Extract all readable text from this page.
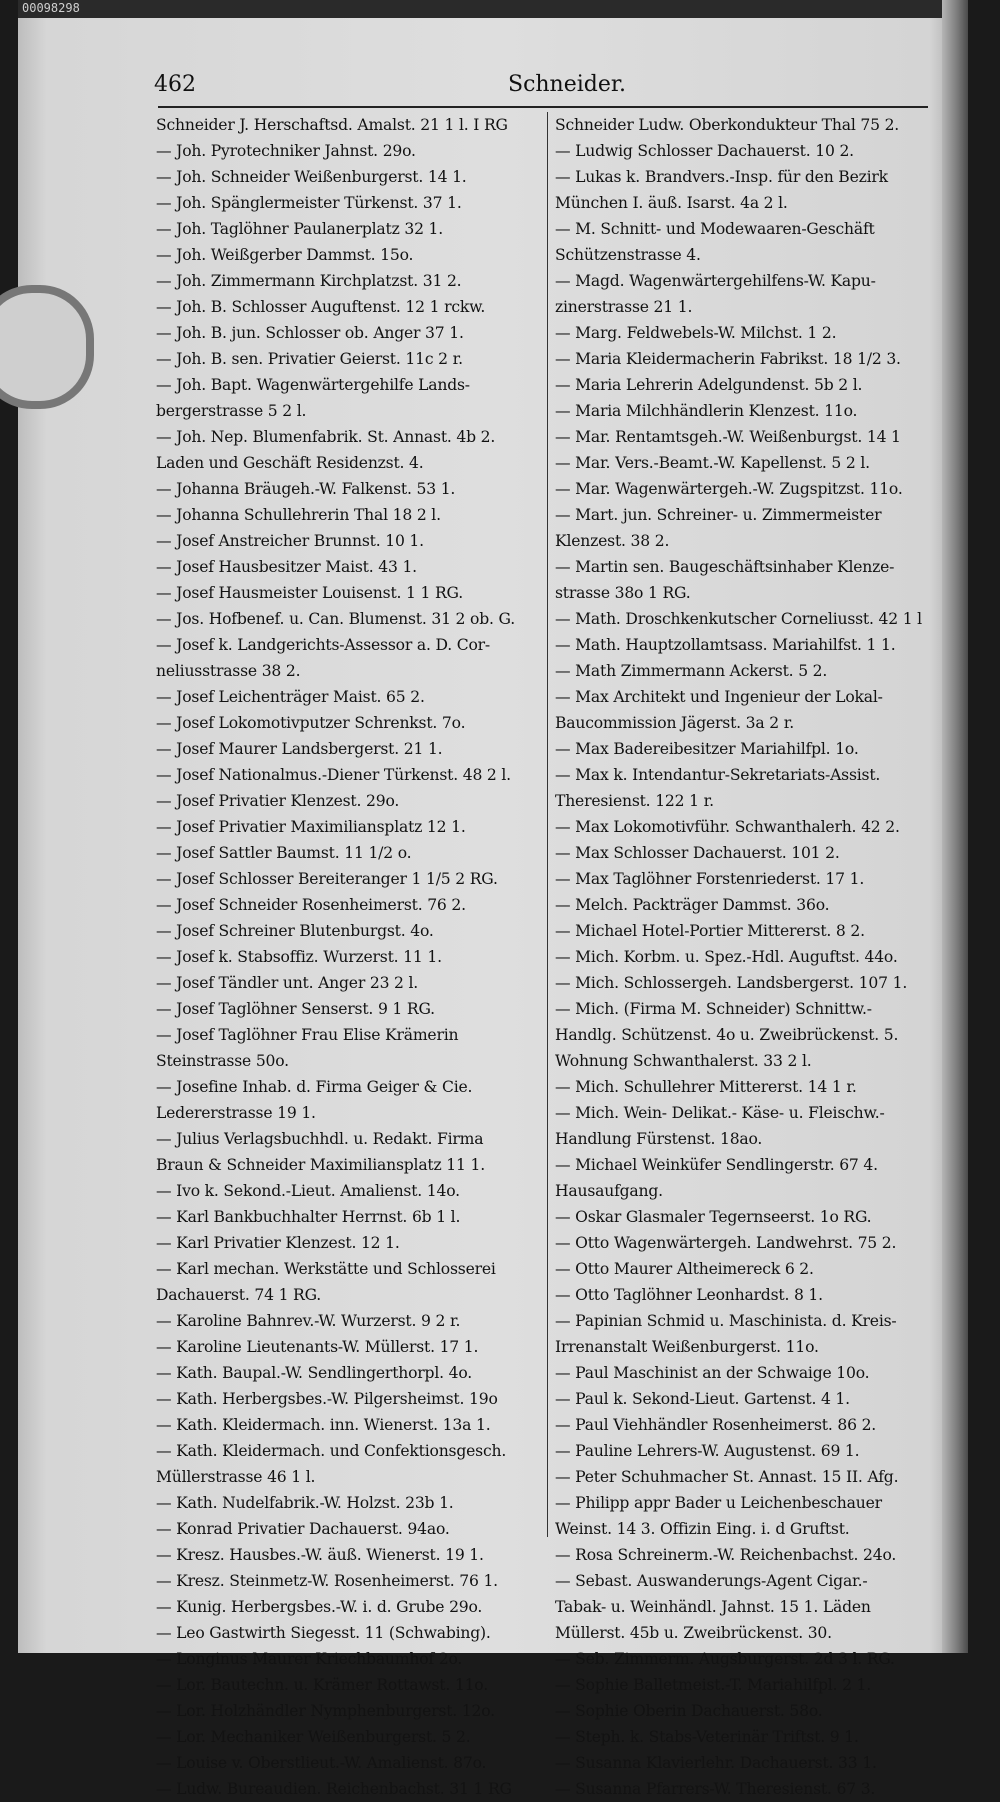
00098298
462	Schneider.
Schneider J. Herschaftsd. Amalst. 21 1 l. I RG
— Joh. Pyrotechniker Jahnst. 29o.
— Joh. Schneider Weißenburgerst. 14 1.
— Joh. Spänglermeister Türkenst. 37 1.
— Joh. Taglöhner Paulanerplatz 32 1.
— Joh. Weißgerber Dammst. 15o.
— Joh. Zimmermann Kirchplatzst. 31 2.
— Joh. B. Schlosser Auguftenst. 12 1 rckw.
— Joh. B. jun. Schlosser ob. Anger 37 1.
— Joh. B. sen. Privatier Geierst. 11c 2 r.
— Joh. Bapt. Wagenwärtergehilfe Lands-
bergerstrasse 5 2 l.
— Joh. Nep. Blumenfabrik. St. Annast. 4b 2.
Laden und Geschäft Residenzst. 4.
— Johanna Bräugeh.-W. Falkenst. 53 1.
— Johanna Schullehrerin Thal 18 2 l.
— Josef Anstreicher Brunnst. 10 1.
— Josef Hausbesitzer Maist. 43 1.
— Josef Hausmeister Louisenst. 1 1 RG.
— Jos. Hofbenef. u. Can. Blumenst. 31 2 ob. G.
— Josef k. Landgerichts-Assessor a. D. Cor-
neliusstrasse 38 2.
— Josef Leichenträger Maist. 65 2.
— Josef Lokomotivputzer Schrenkst. 7o.
— Josef Maurer Landsbergerst. 21 1.
— Josef Nationalmus.-Diener Türkenst. 48 2 l.
— Josef Privatier Klenzest. 29o.
— Josef Privatier Maximiliansplatz 12 1.
— Josef Sattler Baumst. 11 1/2 o.
— Josef Schlosser Bereiteranger 1 1/5 2 RG.
— Josef Schneider Rosenheimerst. 76 2.
— Josef Schreiner Blutenburgst. 4o.
— Josef k. Stabsoffiz. Wurzerst. 11 1.
— Josef Tändler unt. Anger 23 2 l.
— Josef Taglöhner Senserst. 9 1 RG.
— Josef Taglöhner Frau Elise Krämerin
Steinstrasse 50o.
— Josefine Inhab. d. Firma Geiger & Cie.
Ledererstrasse 19 1.
— Julius Verlagsbuchhdl. u. Redakt. Firma
Braun & Schneider Maximiliansplatz 11 1.
— Ivo k. Sekond.-Lieut. Amalienst. 14o.
— Karl Bankbuchhalter Herrnst. 6b 1 l.
— Karl Privatier Klenzest. 12 1.
— Karl mechan. Werkstätte und Schlosserei
Dachauerst. 74 1 RG.
— Karoline Bahnrev.-W. Wurzerst. 9 2 r.
— Karoline Lieutenants-W. Müllerst. 17 1.
— Kath. Baupal.-W. Sendlingerthorpl. 4o.
— Kath. Herbergsbes.-W. Pilgersheimst. 19o
— Kath. Kleidermach. inn. Wienerst. 13a 1.
— Kath. Kleidermach. und Confektionsgesch.
Müllerstrasse 46 1 l.
— Kath. Nudelfabrik.-W. Holzst. 23b 1.
— Konrad Privatier Dachauerst. 94ao.
— Kresz. Hausbes.-W. äuß. Wienerst. 19 1.
— Kresz. Steinmetz-W. Rosenheimerst. 76 1.
— Kunig. Herbergsbes.-W. i. d. Grube 29o.
— Leo Gastwirth Siegesst. 11 (Schwabing).
— Longinus Maurer Kriechbaumhof 2o.
— Lor. Bautechn. u. Krämer Rottawst. 11o.
— Lor. Holzhändler Nymphenburgerst. 12o.
— Lor. Mechaniker Weißenburgerst. 5 2.
— Louise v. Oberstlieut.-W. Amalienst. 87o.
— Ludw. Bureaudien. Reichenbachst. 31 1 RG
Schneider Ludw. Oberkondukteur Thal 75 2.
— Ludwig Schlosser Dachauerst. 10 2.
— Lukas k. Brandvers.-Insp. für den Bezirk
München I. äuß. Isarst. 4a 2 l.
— M. Schnitt- und Modewaaren-Geschäft
Schützenstrasse 4.
— Magd. Wagenwärtergehilfens-W. Kapu-
zinerstrasse 21 1.
— Marg. Feldwebels-W. Milchst. 1 2.
— Maria Kleidermacherin Fabrikst. 18 1/2 3.
— Maria Lehrerin Adelgundenst. 5b 2 l.
— Maria Milchhändlerin Klenzest. 11o.
— Mar. Rentamtsgeh.-W. Weißenburgst. 14 1
— Mar. Vers.-Beamt.-W. Kapellenst. 5 2 l.
— Mar. Wagenwärtergeh.-W. Zugspitzst. 11o.
— Mart. jun. Schreiner- u. Zimmermeister
Klenzest. 38 2.
— Martin sen. Baugeschäftsinhaber Klenze-
strasse 38o 1 RG.
— Math. Droschkenkutscher Corneliusst. 42 1 l
— Math. Hauptzollamtsass. Mariahilfst. 1 1.
— Math Zimmermann Ackerst. 5 2.
— Max Architekt und Ingenieur der Lokal-
Baucommission Jägerst. 3a 2 r.
— Max Badereibesitzer Mariahilfpl. 1o.
— Max k. Intendantur-Sekretariats-Assist.
Theresienst. 122 1 r.
— Max Lokomotivführ. Schwanthalerh. 42 2.
— Max Schlosser Dachauerst. 101 2.
— Max Taglöhner Forstenriederst. 17 1.
— Melch. Packträger Dammst. 36o.
— Michael Hotel-Portier Mittererst. 8 2.
— Mich. Korbm. u. Spez.-Hdl. Auguftst. 44o.
— Mich. Schlossergeh. Landsbergerst. 107 1.
— Mich. (Firma M. Schneider) Schnittw.-
Handlg. Schützenst. 4o u. Zweibrückenst. 5.
Wohnung Schwanthalerst. 33 2 l.
— Mich. Schullehrer Mittererst. 14 1 r.
— Mich. Wein- Delikat.- Käse- u. Fleischw.-
Handlung Fürstenst. 18ao.
— Michael Weinküfer Sendlingerstr. 67 4.
Hausaufgang.
— Oskar Glasmaler Tegernseerst. 1o RG.
— Otto Wagenwärtergeh. Landwehrst. 75 2.
— Otto Maurer Altheimereck 6 2.
— Otto Taglöhner Leonhardst. 8 1.
— Papinian Schmid u. Maschinista. d. Kreis-
Irrenanstalt Weißenburgerst. 11o.
— Paul Maschinist an der Schwaige 10o.
— Paul k. Sekond-Lieut. Gartenst. 4 1.
— Paul Viehhändler Rosenheimerst. 86 2.
— Pauline Lehrers-W. Augustenst. 69 1.
— Peter Schuhmacher St. Annast. 15 II. Afg.
— Philipp appr Bader u Leichenbeschauer
Weinst. 14 3. Offizin Eing. i. d Gruftst.
— Rosa Schreinerm.-W. Reichenbachst. 24o.
— Sebast. Auswanderungs-Agent Cigar.-
Tabak- u. Weinhändl. Jahnst. 15 1. Läden
Müllerst. 45b u. Zweibrückenst. 30.
— Seb. Zimmerm. Augsburgerst. 2d 3 l. RG.
— Sophie Balletmeist.-T. Mariahilfpl. 2 1.
— Sophie Oberin Dachauerst. 58o.
— Steph. k. Stabs-Veterinär Triftst. 9 1.
— Susanna Klavierlehr. Dachauerst. 33 1.
— Susanna Pfarrers-W. Theresienst. 67 3.
